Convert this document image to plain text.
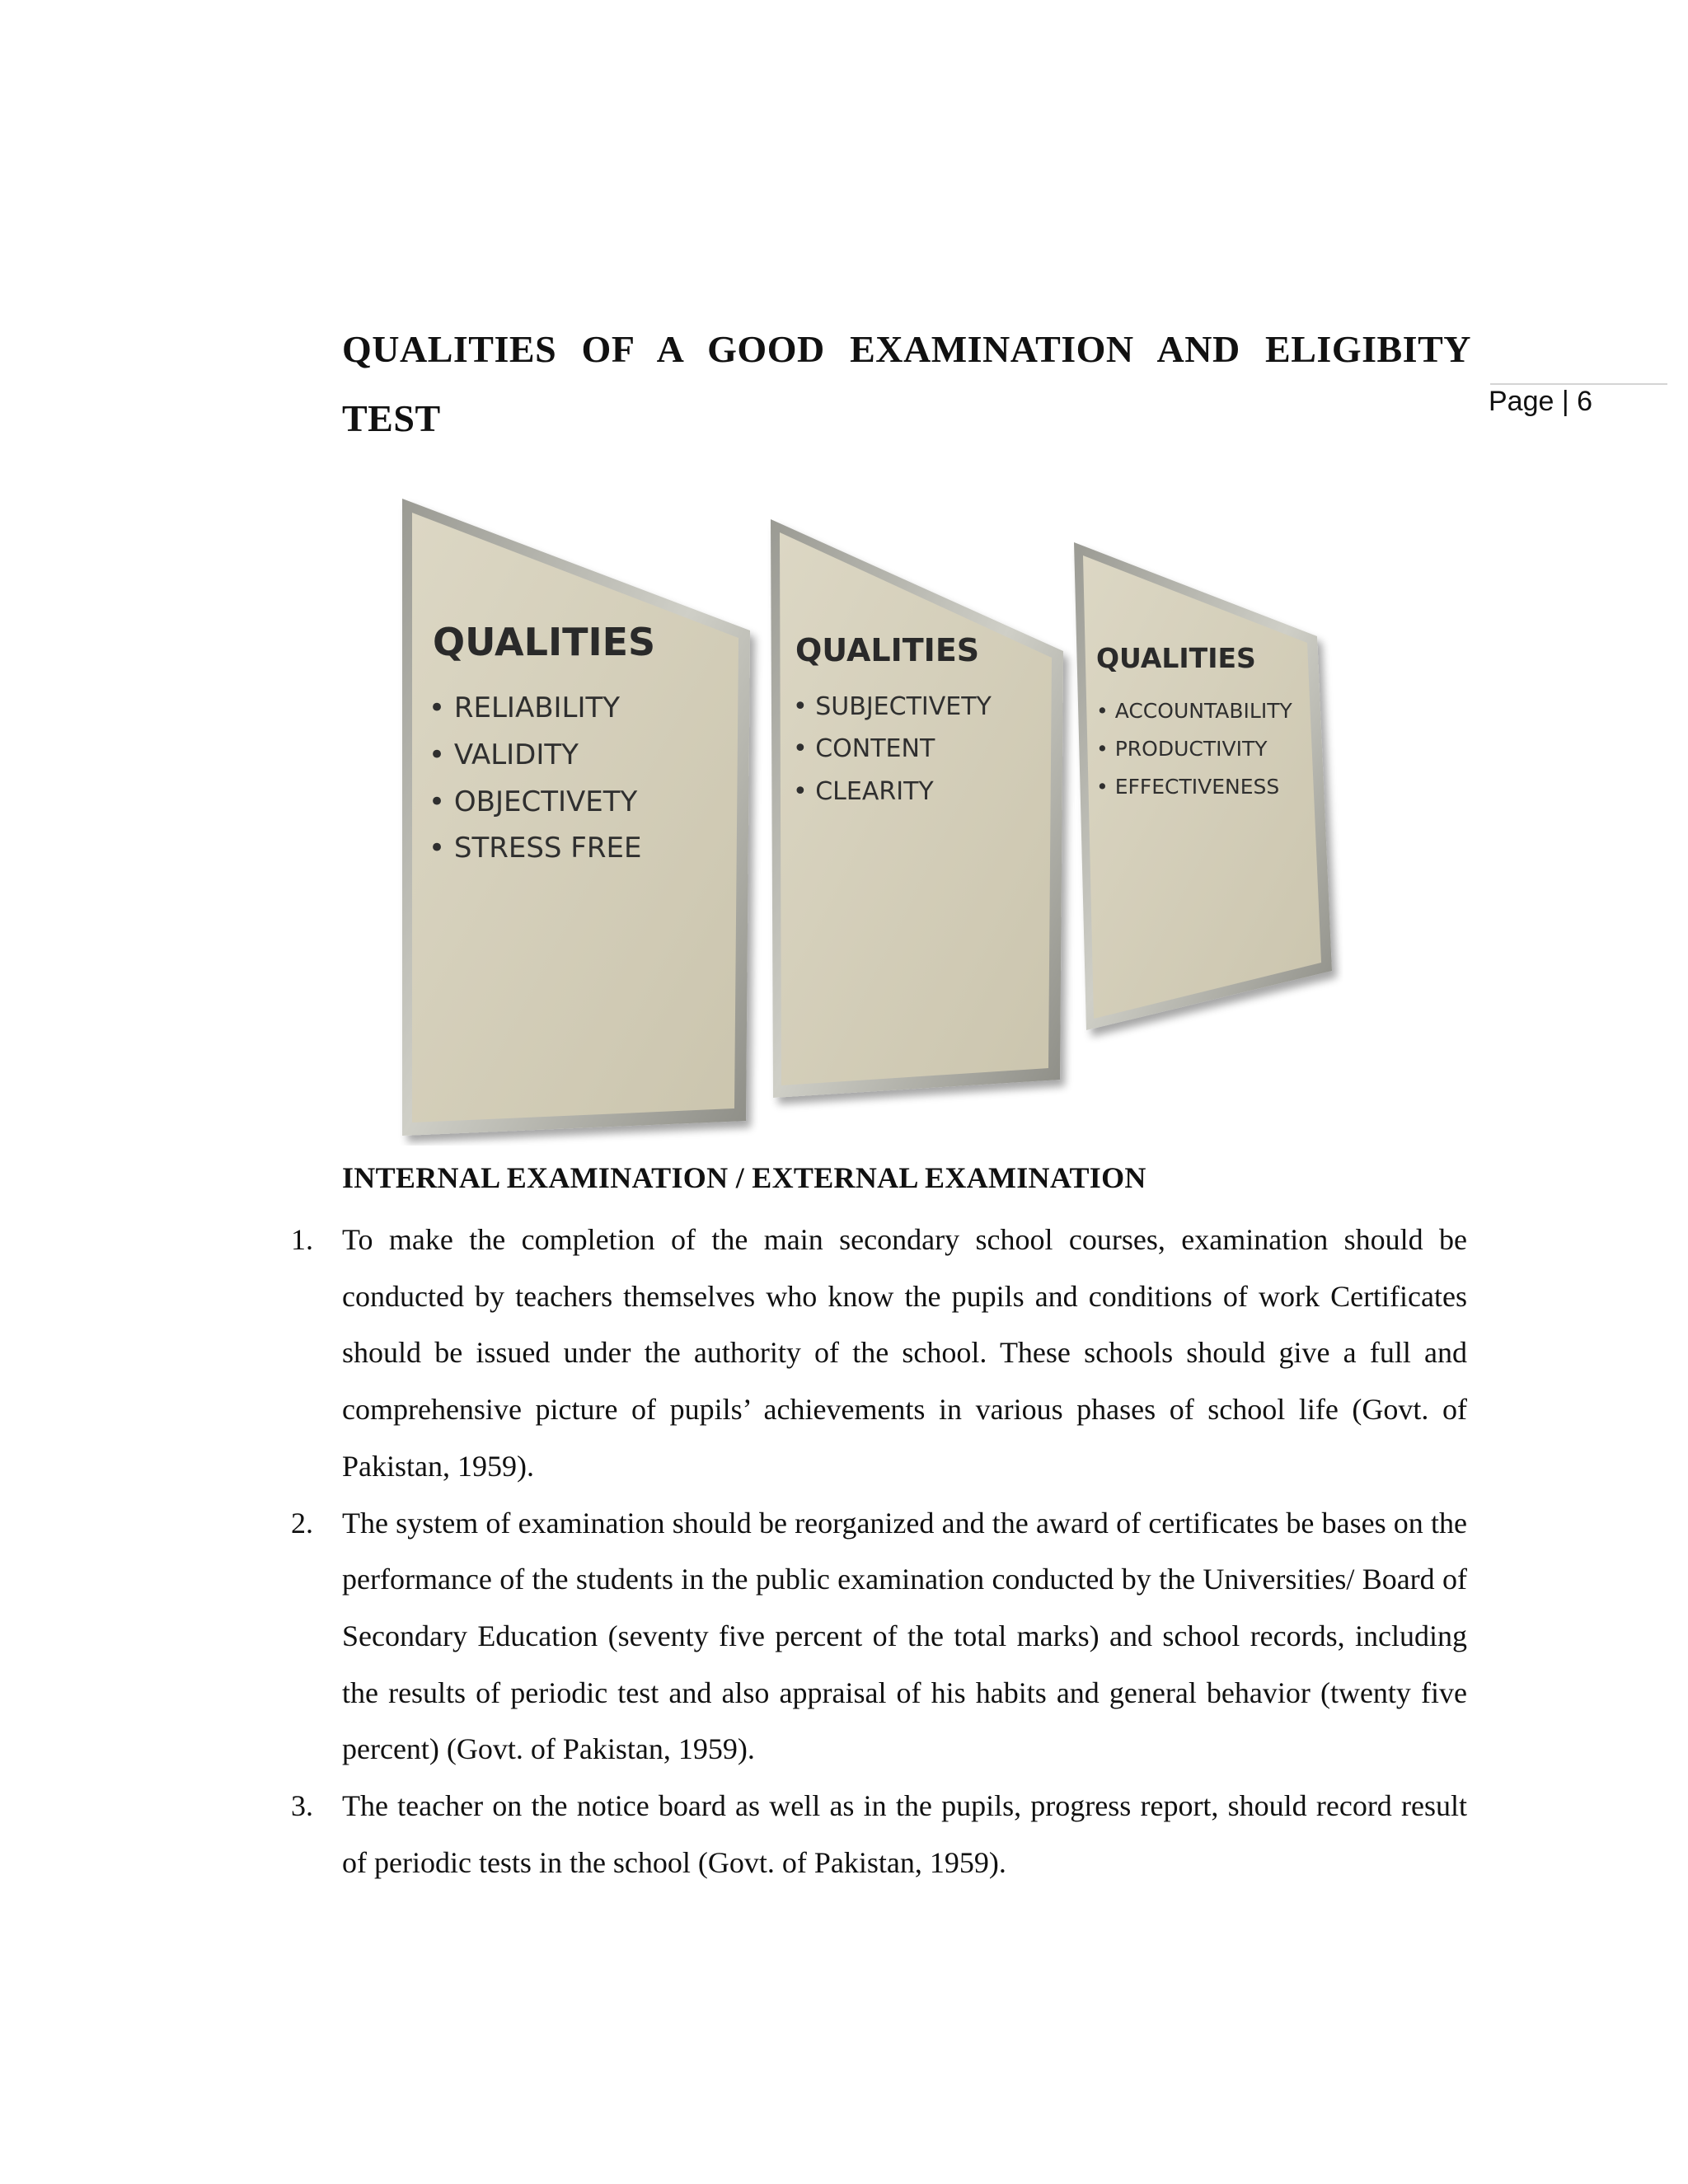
Page | 6
QUALITIES OF A GOOD EXAMINATION AND ELIGIBITY TEST
QUALITIES
• RELIABILITY
• VALIDITY
• OBJECTIVETY
• STRESS FREE
QUALITIES
• SUBJECTIVETY
• CONTENT
• CLEARITY
QUALITIES
• ACCOUNTABILITY
• PRODUCTIVITY
• EFFECTIVENESS
INTERNAL EXAMINATION / EXTERNAL EXAMINATION
1. To make the completion of the main secondary school courses, examination should be conducted by teachers themselves who know the pupils and conditions of work Certificates should be issued under the authority of the school. These schools should give a full and comprehensive picture of pupils’ achievements in various phases of school life (Govt. of Pakistan, 1959).
2. The system of examination should be reorganized and the award of certificates be bases on the performance of the students in the public examination conducted by the Universities/ Board of Secondary Education (seventy five percent of the total marks) and school records, including the results of periodic test and also appraisal of his habits and general behavior (twenty five percent) (Govt. of Pakistan, 1959).
3. The teacher on the notice board as well as in the pupils, progress report, should record result of periodic tests in the school (Govt. of Pakistan, 1959).
